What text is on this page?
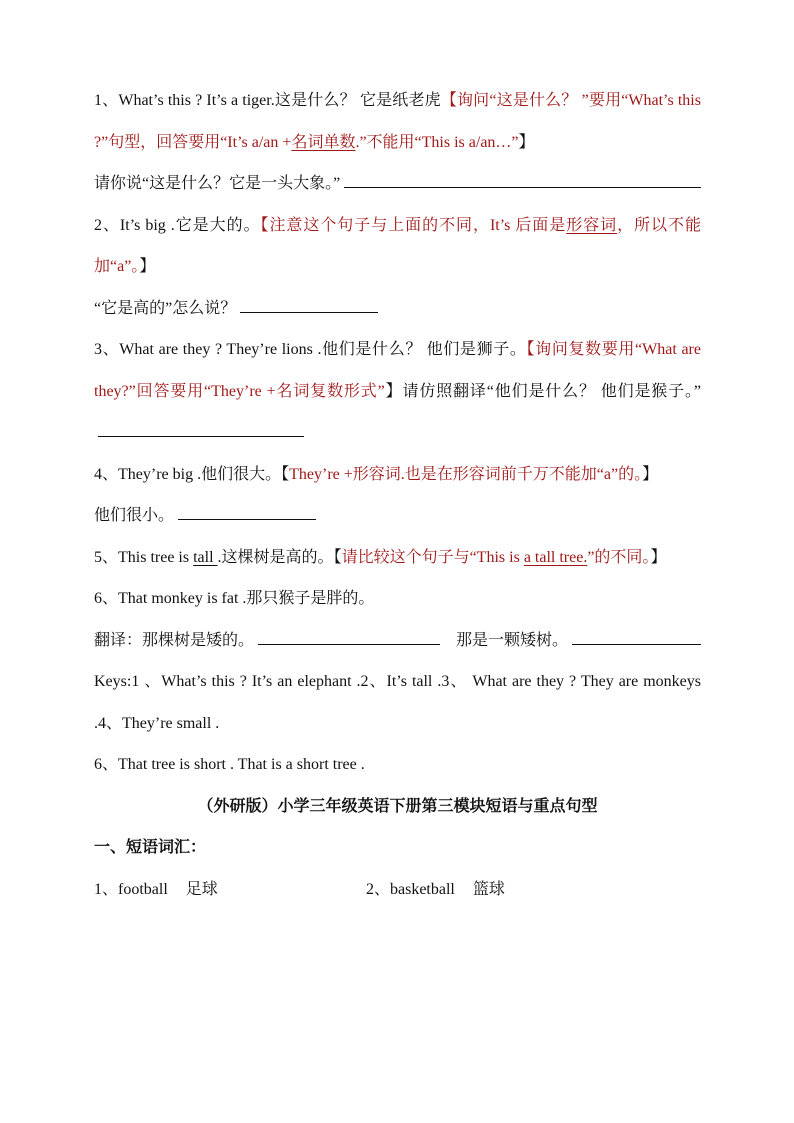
1、What’s this ? It’s a tiger.这是什么？ 它是纸老虎【询问“这是什么？ ”要用“What’s this ?”句型，回答要用“It’s a/an +名词单数.”不能用“This is a/an…”】

请你说“这是什么？它是一头大象。”

2、It’s big .它是大的。【注意这个句子与上面的不同，It’s 后面是形容词，所以不能加“a”。】

“它是高的”怎么说？

3、What are they ? They’re lions .他们是什么？ 他们是狮子。【询问复数要用“What are they?”回答要用“They’re +名词复数形式”】请仿照翻译“他们是什么？ 他们是猴子。”

4、They’re big .他们很大。【They’re +形容词.也是在形容词前千万不能加“a”的。】

他们很小。

5、This tree is tall .这棵树是高的。【请比较这个句子与“This is a tall tree.”的不同。】

6、That monkey is fat .那只猴子是胖的。

翻译：那棵树是矮的。	那是一颗矮树。

Keys:1 、What’s this ? It’s an elephant .2、It’s tall .3、 What are they ? They are monkeys .4、They’re small .

6、That tree is short . That is a short tree .

（外研版）小学三年级英语下册第三模块短语与重点句型

一、短语词汇：

1、football 足球	2、basketball 篮球
